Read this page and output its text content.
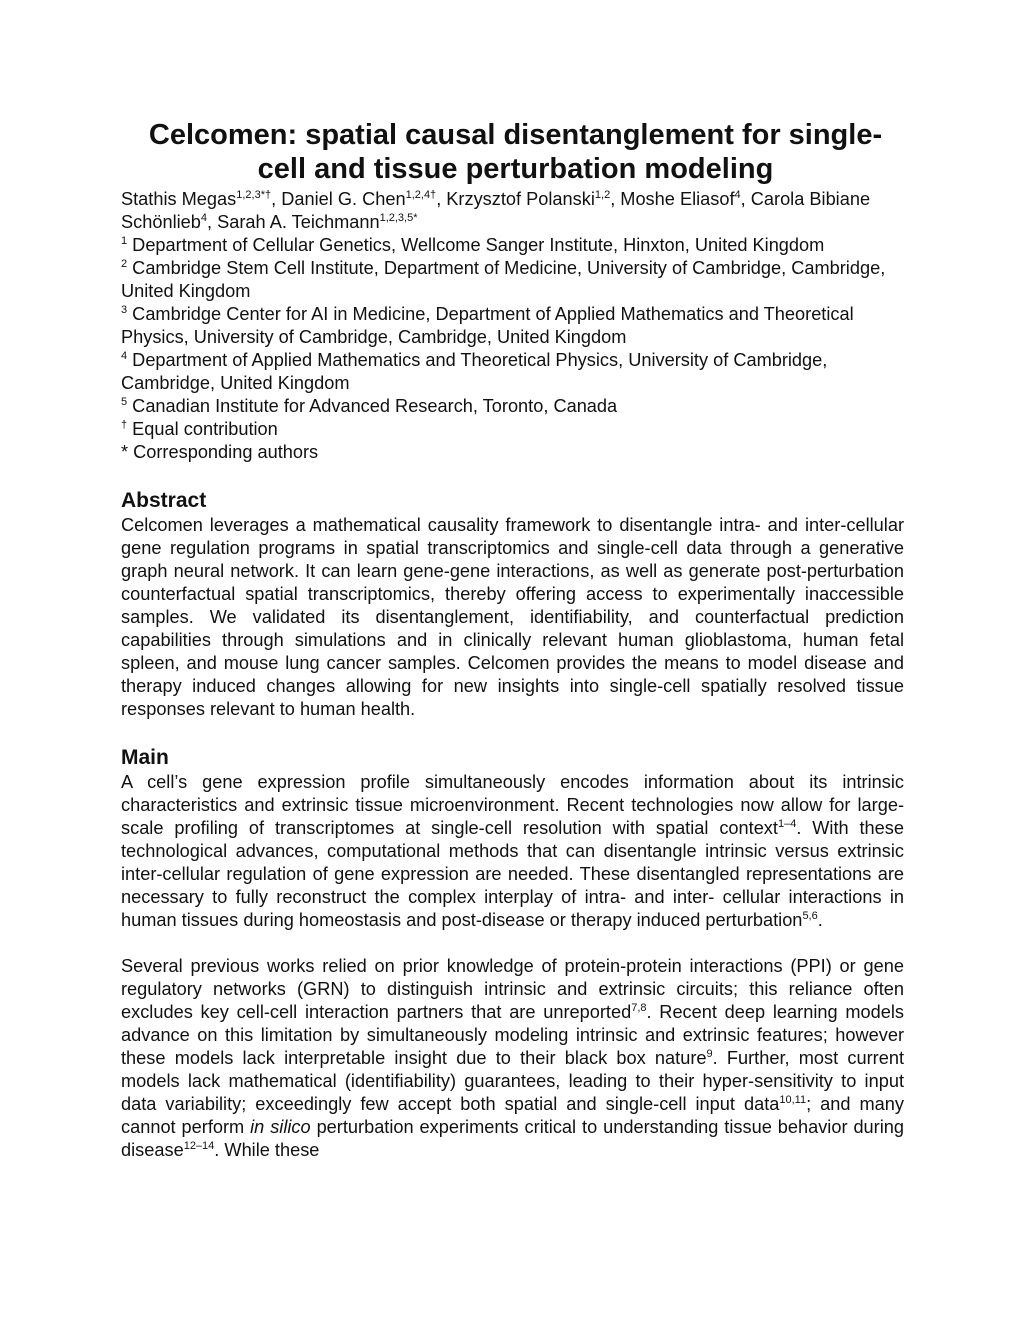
Celcomen: spatial causal disentanglement for single-cell and tissue perturbation modeling
Stathis Megas$^{1,2,3*\dagger}$, Daniel G. Chen$^{1,2,4\dagger}$, Krzysztof Polanski$^{1,2}$, Moshe Eliasof$^4$, Carola Bibiane Schönlieb$^4$, Sarah A. Teichmann$^{1,2,3,5*}$
$^1$ Department of Cellular Genetics, Wellcome Sanger Institute, Hinxton, United Kingdom
$^2$ Cambridge Stem Cell Institute, Department of Medicine, University of Cambridge, Cambridge, United Kingdom
$^3$ Cambridge Center for AI in Medicine, Department of Applied Mathematics and Theoretical Physics, University of Cambridge, Cambridge, United Kingdom
$^4$ Department of Applied Mathematics and Theoretical Physics, University of Cambridge, Cambridge, United Kingdom
$^5$ Canadian Institute for Advanced Research, Toronto, Canada
† Equal contribution
* Corresponding authors
Abstract

Celcomen leverages a mathematical causality framework to disentangle intra- and inter-cellular gene regulation programs in spatial transcriptomics and single-cell data through a generative graph neural network. It can learn gene-gene interactions, as well as generate post-perturbation counterfactual spatial transcriptomics, thereby offering access to experimentally inaccessible samples. We validated its disentanglement, identifiability, and counterfactual prediction capabilities through simulations and in clinically relevant human glioblastoma, human fetal spleen, and mouse lung cancer samples. Celcomen provides the means to model disease and therapy induced changes allowing for new insights into single-cell spatially resolved tissue responses relevant to human health.

Main

A cell’s gene expression profile simultaneously encodes information about its intrinsic characteristics and extrinsic tissue microenvironment. Recent technologies now allow for large-scale profiling of transcriptomes at single-cell resolution with spatial context$^{1-4}$. With these technological advances, computational methods that can disentangle intrinsic versus extrinsic inter-cellular regulation of gene expression are needed. These disentangled representations are necessary to fully reconstruct the complex interplay of intra- and inter- cellular interactions in human tissues during homeostasis and post-disease or therapy induced perturbation$^{5,6}$.

Several previous works relied on prior knowledge of protein-protein interactions (PPI) or gene regulatory networks (GRN) to distinguish intrinsic and extrinsic circuits; this reliance often excludes key cell-cell interaction partners that are unreported$^{7,8}$. Recent deep learning models advance on this limitation by simultaneously modeling intrinsic and extrinsic features; however these models lack interpretable insight due to their black box nature$^9$. Further, most current models lack mathematical (identifiability) guarantees, leading to their hyper-sensitivity to input data variability; exceedingly few accept both spatial and single-cell input data$^{10,11}$; and many cannot perform in silico perturbation experiments critical to understanding tissue behavior during disease$^{12-14}$. While these
